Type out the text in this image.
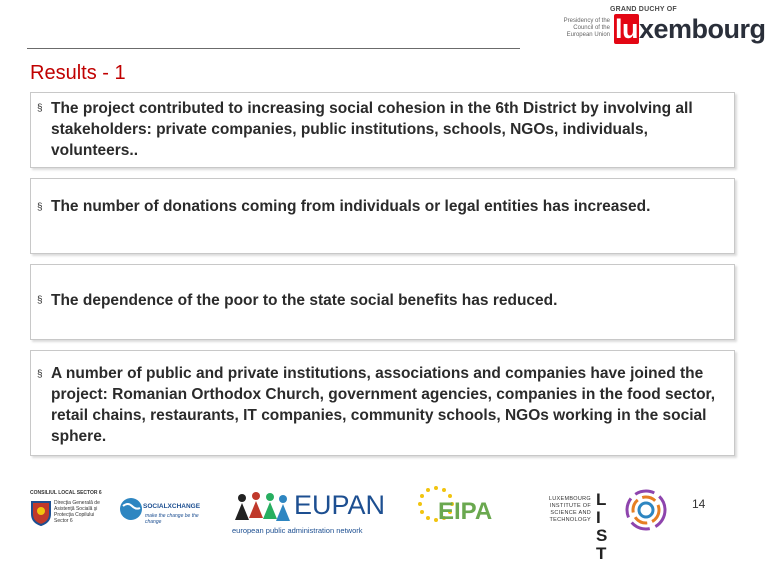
GRAND DUCHY OF
Presidency of the Council of the European Union luxembourg
Results - 1
§ The project contributed to increasing social cohesion in the 6th District by involving all stakeholders: private companies, public institutions, schools, NGOs, individuals, volunteers..
§ The number of donations coming from individuals or legal entities has increased.
§ The dependence of the poor to the state social benefits has reduced.
§ A number of public and private institutions, associations and companies have joined the project: Romanian Orthodox Church, government agencies, companies in the food sector, retail chains, restaurants, IT companies, community schools, NGOs working in the social sphere.
14
CONSILIUL LOCAL SECTOR 6
Direcţia Generală de Asistenţă Socială şi Protecţia Copilului Sector 6
SOCIALXCHANGE
make the change be the change
EUPAN
european public administration network
EIPA	LUXEMBOURG INSTITUTE OF SCIENCE AND TECHNOLOGY
LIST
